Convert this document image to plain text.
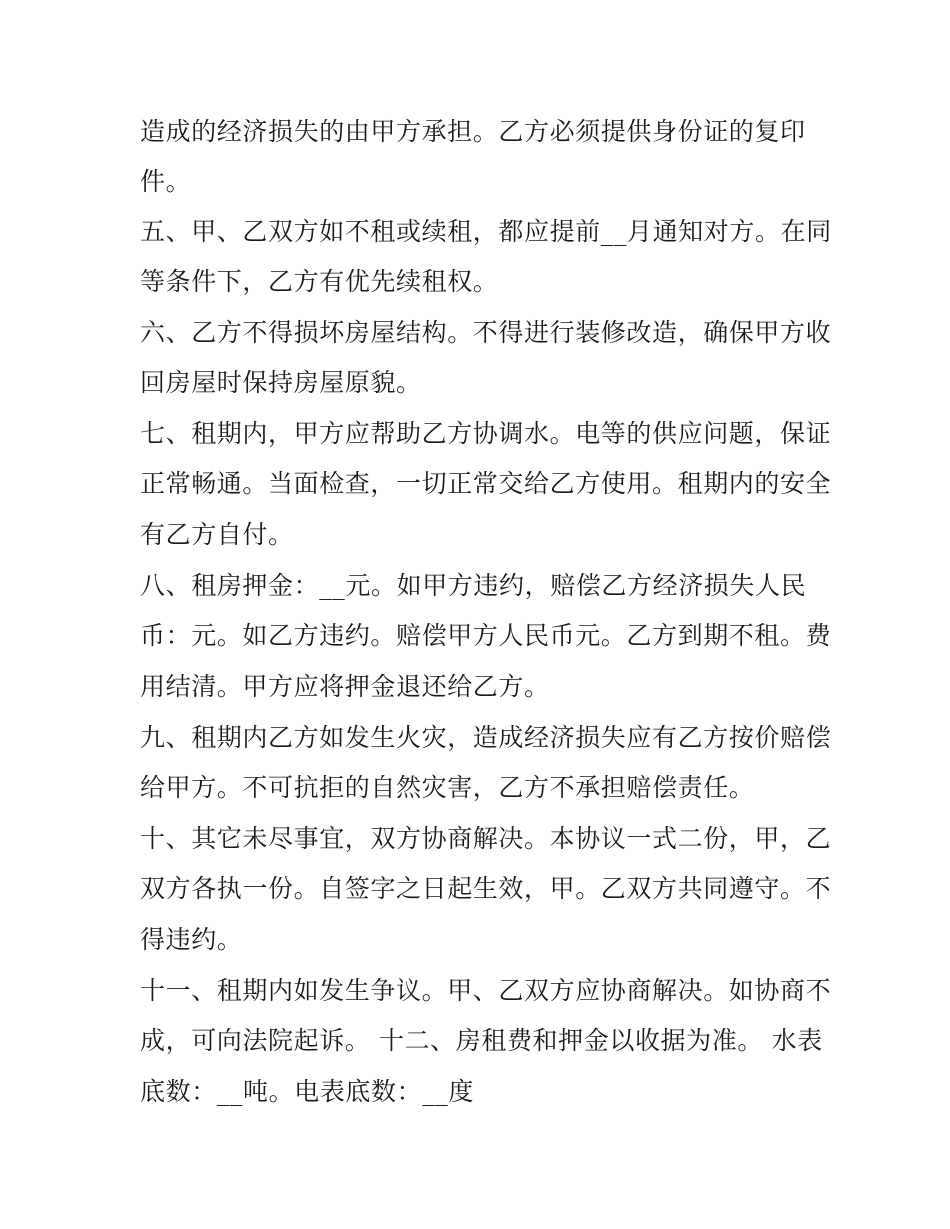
造成的经济损失的由甲方承担。乙方必须提供身份证的复印
件。
五、甲、乙双方如不租或续租，都应提前__月通知对方。在同
等条件下，乙方有优先续租权。
六、乙方不得损坏房屋结构。不得进行装修改造，确保甲方收
回房屋时保持房屋原貌。
七、租期内，甲方应帮助乙方协调水。电等的供应问题，保证
正常畅通。当面检查，一切正常交给乙方使用。租期内的安全
有乙方自付。
八、租房押金：__元。如甲方违约，赔偿乙方经济损失人民
币：元。如乙方违约。赔偿甲方人民币元。乙方到期不租。费
用结清。甲方应将押金退还给乙方。
九、租期内乙方如发生火灾，造成经济损失应有乙方按价赔偿
给甲方。不可抗拒的自然灾害，乙方不承担赔偿责任。
十、其它未尽事宜，双方协商解决。本协议一式二份，甲，乙
双方各执一份。自签字之日起生效，甲。乙双方共同遵守。不
得违约。
十一、租期内如发生争议。甲、乙双方应协商解决。如协商不
成，可向法院起诉。 十二、房租费和押金以收据为准。 水表
底数：__吨。电表底数：__度
